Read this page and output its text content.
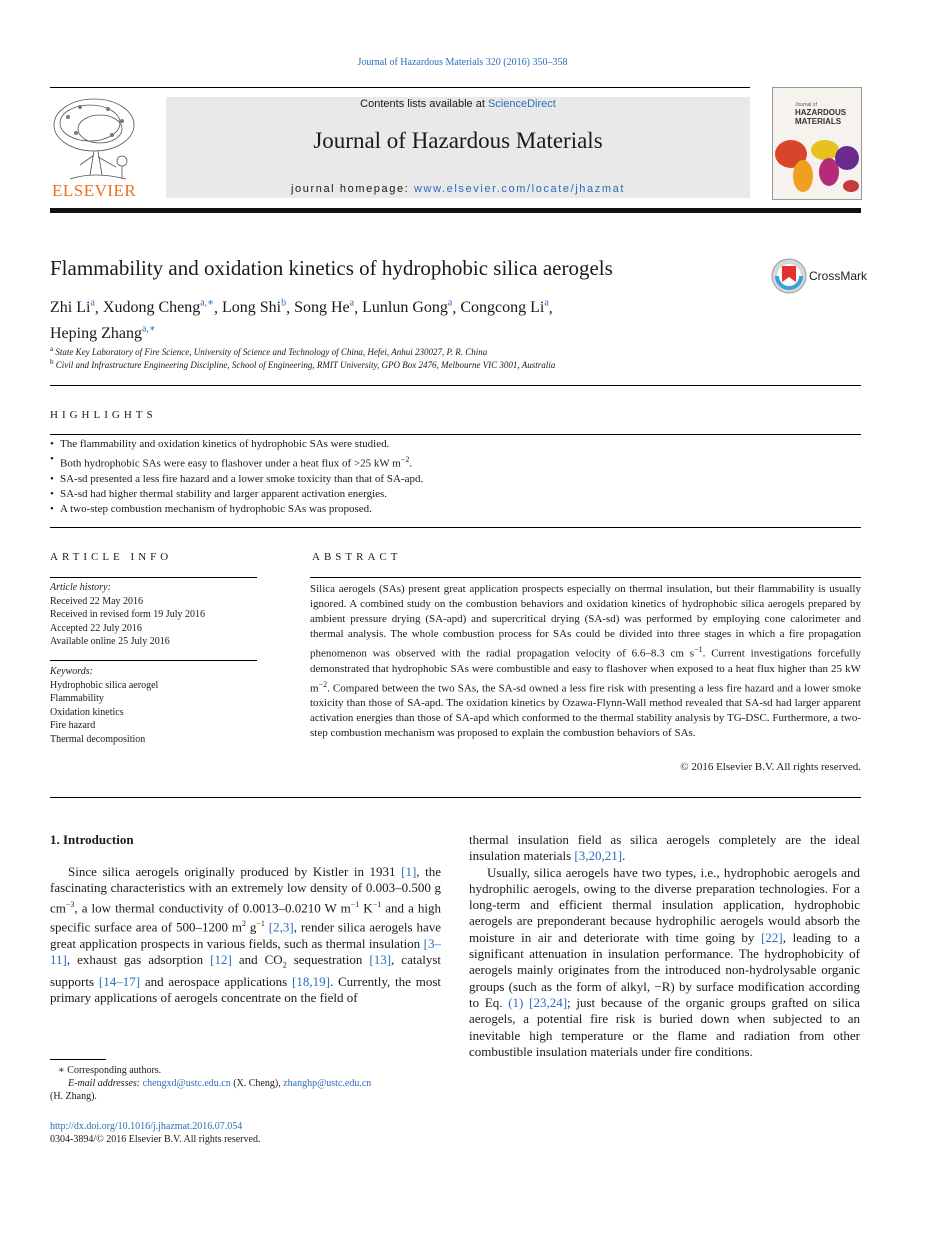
Journal of Hazardous Materials 320 (2016) 350–358
ELSEVIER
Contents lists available at ScienceDirect
Journal of Hazardous Materials
journal homepage: www.elsevier.com/locate/jhazmat
Journal of
HAZARDOUS MATERIALS
Flammability and oxidation kinetics of hydrophobic silica aerogels	CrossMark
Zhi Li$^a$, Xudong Cheng$^{a,∗}$, Long Shi$^b$, Song He$^a$, Lunlun Gong$^a$, Congcong Li$^a$,
Heping Zhang$^{a,∗}$
$^a$ State Key Laboratory of Fire Science, University of Science and Technology of China, Hefei, Anhui 230027, P. R. China
$^b$ Civil and Infrastructure Engineering Discipline, School of Engineering, RMIT University, GPO Box 2476, Melbourne VIC 3001, Australia
HIGHLIGHTS
• The flammability and oxidation kinetics of hydrophobic SAs were studied.
• Both hydrophobic SAs were easy to flashover under a heat flux of >25 kW $m^{-2}$.
• SA-sd presented a less fire hazard and a lower smoke toxicity than that of SA-apd.
• SA-sd had higher thermal stability and larger apparent activation energies.
• A two-step combustion mechanism of hydrophobic SAs was proposed.
ARTICLE INFO
Article history:
Received 22 May 2016
Received in revised form 19 July 2016
Accepted 22 July 2016
Available online 25 July 2016
Keywords:
Hydrophobic silica aerogel
Flammability
Oxidation kinetics
Fire hazard
Thermal decomposition
ABSTRACT
Silica aerogels (SAs) present great application prospects especially on thermal insulation, but their flammability is usually ignored. A combined study on the combustion behaviors and oxidation kinetics of hydrophobic silica aerogels prepared by ambient pressure drying (SA-apd) and supercritical drying (SA-sd) was performed by employing cone calorimeter and thermal analysis. The whole combustion process for SAs could be divided into three stages in which a fire propagation phenomenon was observed with the radial propagation velocity of 6.6–8.3 cm $s^{-1}$. Current investigations forcefully demonstrated that hydrophobic SAs were combustible and easy to flashover when exposed to a heat flux higher than 25 kW $m^{-2}$. Compared between the two SAs, the SA-sd owned a less fire risk with presenting a less fire hazard and a lower smoke toxicity than those of SA-apd. The oxidation kinetics by Ozawa-Flynn-Wall method revealed that SA-sd had larger apparent activation energies than those of SA-apd which conformed to the thermal stability analysis by TG-DSC. Furthermore, a two-step combustion mechanism was proposed to explain the combustion behaviors of SAs.
© 2016 Elsevier B.V. All rights reserved.
1. Introduction

Since silica aerogels originally produced by Kistler in 1931 [1], the fascinating characteristics with an extremely low density of 0.003–0.500 g $cm^{-3}$, a low thermal conductivity of 0.0013–0.0210 W $m^{-1}$ $K^{-1}$ and a high specific surface area of 500–1200 $m^2$ $g^{-1}$ [2,3], render silica aerogels have great application prospects in various fields, such as thermal insulation [3–11], exhaust gas adsorption [12] and $CO_2$ sequestration [13], catalyst supports [14–17] and aerospace applications [18,19]. Currently, the most primary applications of aerogels concentrate on the field of

thermal insulation field as silica aerogels completely are the ideal insulation materials [3,20,21].

Usually, silica aerogels have two types, i.e., hydrophobic aerogels and hydrophilic aerogels, owing to the diverse preparation technologies. For a long-term and efficient thermal insulation application, hydrophobic aerogels are preponderant because hydrophilic aerogels would absorb the moisture in air and deteriorate with time going by [22], leading to a significant attenuation in insulation performance. The hydrophobicity of aerogels mainly originates from the introduced non-hydrolysable organic groups (such as the form of alkyl, −R) by surface modification according to Eq. (1) [23,24]; just because of the organic groups grafted on silica aerogels, a potential fire risk is buried down when subjected to an inevitable high temperature or the flame and radiation from other combustible insulation materials under fire conditions.

∗ Corresponding authors.
E-mail addresses: chengxd@ustc.edu.cn (X. Cheng), zhanghp@ustc.edu.cn
(H. Zhang).
http://dx.doi.org/10.1016/j.jhazmat.2016.07.054
0304-3894/© 2016 Elsevier B.V. All rights reserved.
